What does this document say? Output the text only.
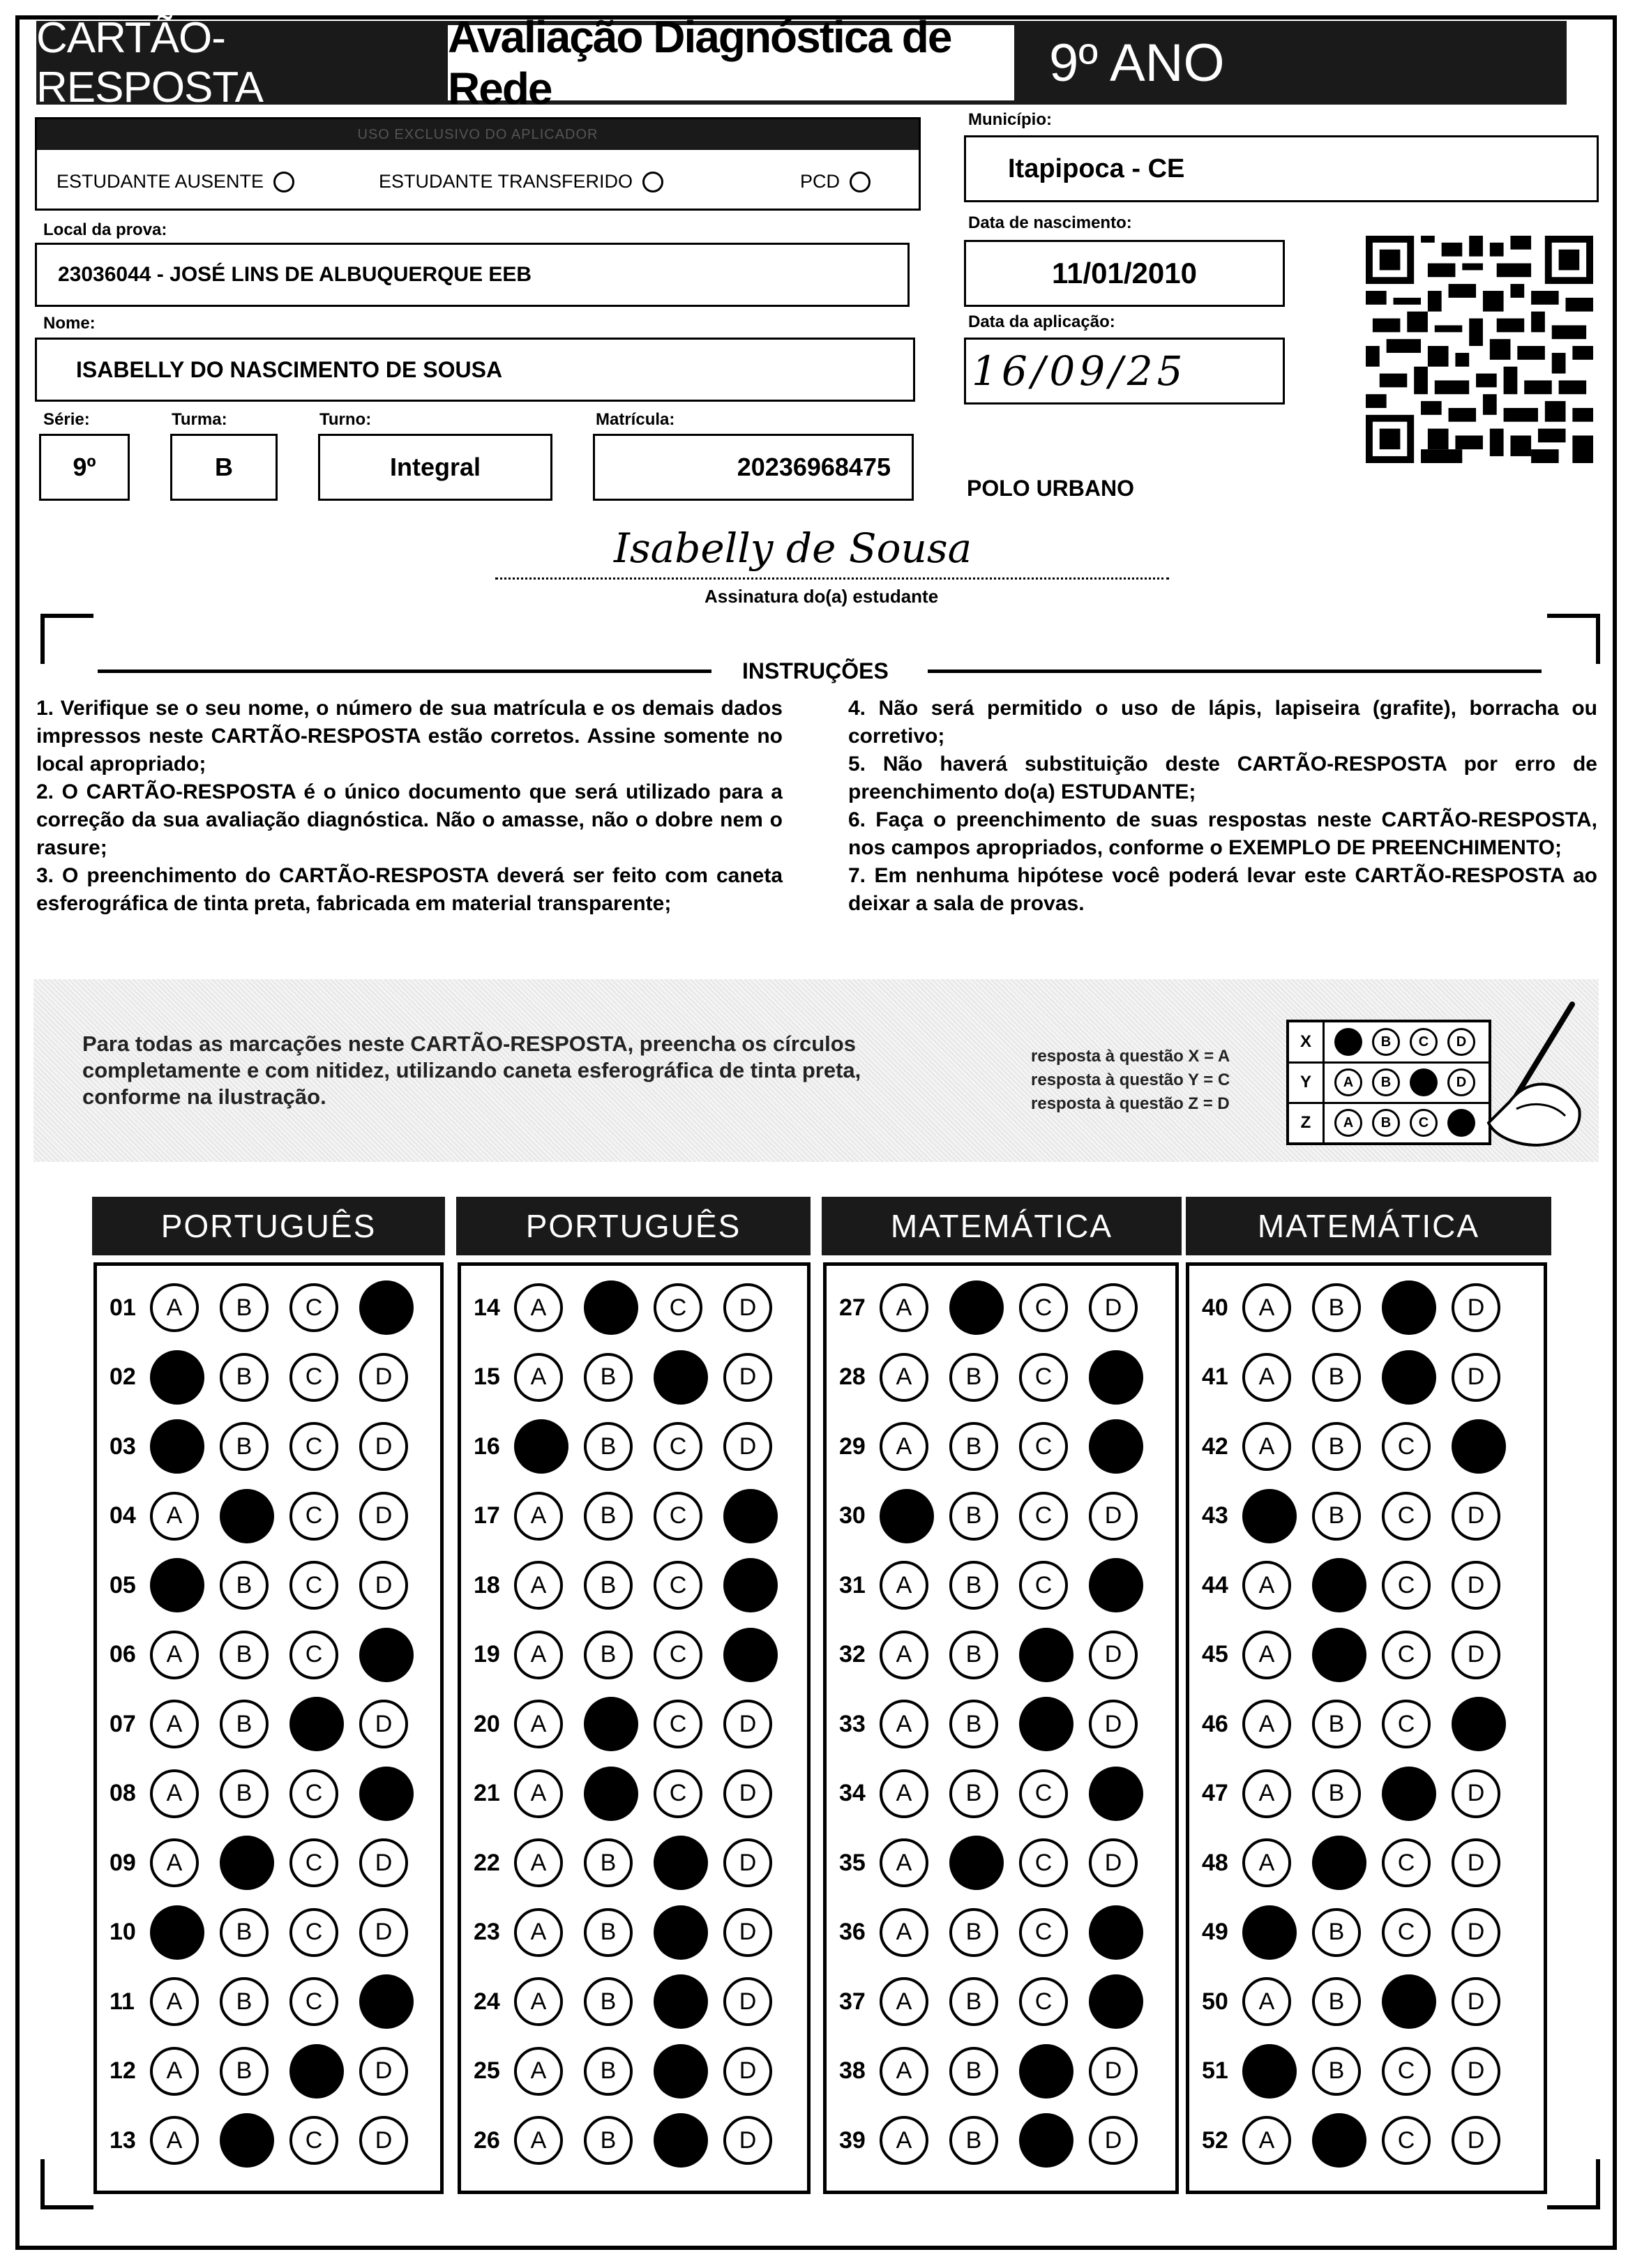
CARTÃO-RESPOSTA
Avaliação Diagnóstica de Rede	9º ANO
USO EXCLUSIVO DO APLICADOR
ESTUDANTE AUSENTE	ESTUDANTE TRANSFERIDO	PCD
Local da prova:
23036044 - JOSÉ LINS DE ALBUQUERQUE EEB
Nome:
ISABELLY DO NASCIMENTO DE SOUSA
Série:
9º
Turma:
B
Turno:
Integral
Matrícula:
20236968475
Município:
Itapipoca - CE
Data de nascimento:
11/01/2010
Data da aplicação:
16/09/25
POLO URBANO
Isabelly de Sousa
Assinatura do(a) estudante
INSTRUÇÕES

1. Verifique se o seu nome, o número de sua matrícula e os demais dados impressos neste CARTÃO-RESPOSTA estão corretos. Assine somente no local apropriado;

2. O CARTÃO-RESPOSTA é o único documento que será utilizado para a correção da sua avaliação diagnóstica. Não o amasse, não o dobre nem o rasure;

3. O preenchimento do CARTÃO-RESPOSTA deverá ser feito com caneta esferográfica de tinta preta, fabricada em material transparente;

4. Não será permitido o uso de lápis, lapiseira (grafite), borracha ou corretivo;

5. Não haverá substituição deste CARTÃO-RESPOSTA por erro de preenchimento do(a) ESTUDANTE;

6. Faça o preenchimento de suas respostas neste CARTÃO-RESPOSTA, nos campos apropriados, conforme o EXEMPLO DE PREENCHIMENTO;

7. Em nenhuma hipótese você poderá levar este CARTÃO-RESPOSTA ao deixar a sala de provas.

Para todas as marcações neste CARTÃO-RESPOSTA, preencha os círculos completamente e com nitidez, utilizando caneta esferográfica de tinta preta, conforme na ilustração.
resposta à questão X = A
resposta à questão Y = C
resposta à questão Z = D
X	A	B	C	D
Y	A	B	C	D
Z	A	B	C	D
PORTUGUÊS	PORTUGUÊS	MATEMÁTICA	MATEMÁTICA
01	A	B	C	D
02	A	B	C	D
03	A	B	C	D
04	A	B	C	D
05	A	B	C	D
06	A	B	C	D
07	A	B	C	D
08	A	B	C	D
09	A	B	C	D
10	A	B	C	D
11	A	B	C	D
12	A	B	C	D
13	A	B	C	D
14	A	B	C	D
15	A	B	C	D
16	A	B	C	D
17	A	B	C	D
18	A	B	C	D
19	A	B	C	D
20	A	B	C	D
21	A	B	C	D
22	A	B	C	D
23	A	B	C	D
24	A	B	C	D
25	A	B	C	D
26	A	B	C	D
27	A	B	C	D
28	A	B	C	D
29	A	B	C	D
30	A	B	C	D
31	A	B	C	D
32	A	B	C	D
33	A	B	C	D
34	A	B	C	D
35	A	B	C	D
36	A	B	C	D
37	A	B	C	D
38	A	B	C	D
39	A	B	C	D
40	A	B	C	D
41	A	B	C	D
42	A	B	C	D
43	A	B	C	D
44	A	B	C	D
45	A	B	C	D
46	A	B	C	D
47	A	B	C	D
48	A	B	C	D
49	A	B	C	D
50	A	B	C	D
51	A	B	C	D
52	A	B	C	D
